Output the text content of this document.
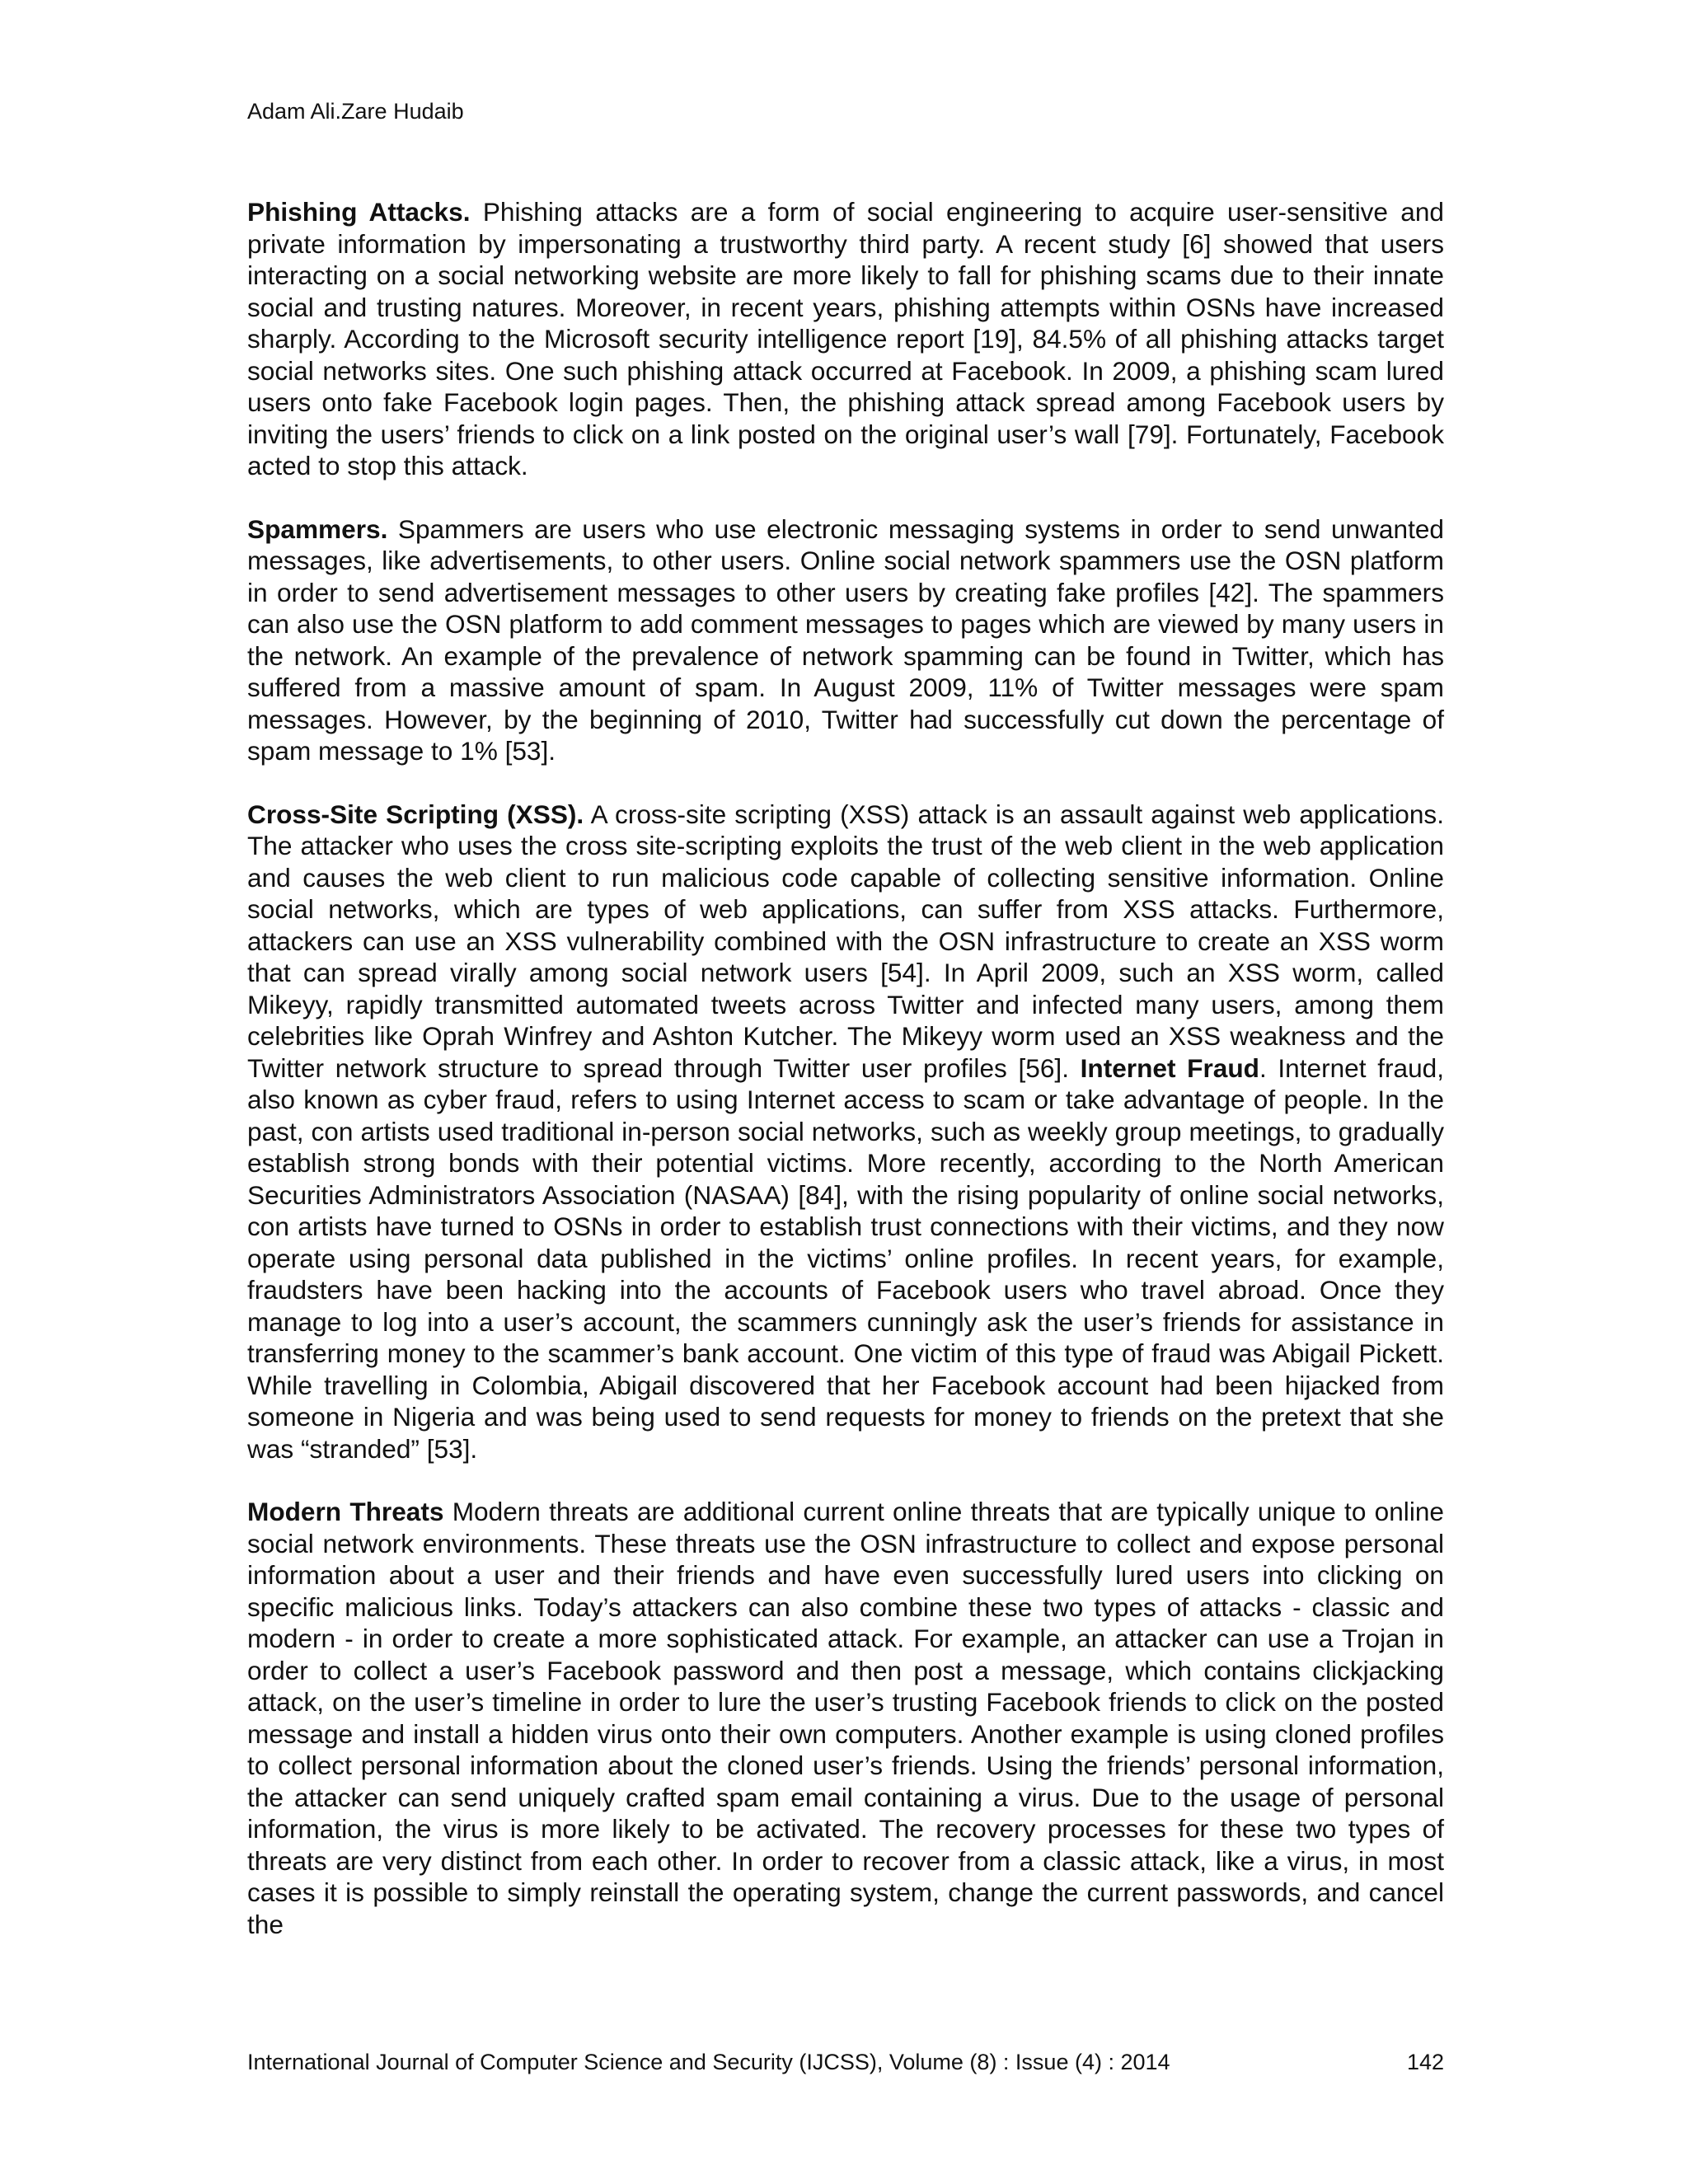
Adam Ali.Zare Hudaib

Phishing Attacks. Phishing attacks are a form of social engineering to acquire user-sensitive and private information by impersonating a trustworthy third party. A recent study [6] showed that users interacting on a social networking website are more likely to fall for phishing scams due to their innate social and trusting natures. Moreover, in recent years, phishing attempts within OSNs have increased sharply. According to the Microsoft security intelligence report [19], 84.5% of all phishing attacks target social networks sites. One such phishing attack occurred at Facebook. In 2009, a phishing scam lured users onto fake Facebook login pages. Then, the phishing attack spread among Facebook users by inviting the users’ friends to click on a link posted on the original user’s wall [79]. Fortunately, Facebook acted to stop this attack.

Spammers. Spammers are users who use electronic messaging systems in order to send unwanted messages, like advertisements, to other users. Online social network spammers use the OSN platform in order to send advertisement messages to other users by creating fake profiles [42]. The spammers can also use the OSN platform to add comment messages to pages which are viewed by many users in the network. An example of the prevalence of network spamming can be found in Twitter, which has suffered from a massive amount of spam. In August 2009, 11% of Twitter messages were spam messages. However, by the beginning of 2010, Twitter had successfully cut down the percentage of spam message to 1% [53].

Cross-Site Scripting (XSS). A cross-site scripting (XSS) attack is an assault against web applications. The attacker who uses the cross site-scripting exploits the trust of the web client in the web application and causes the web client to run malicious code capable of collecting sensitive information. Online social networks, which are types of web applications, can suffer from XSS attacks. Furthermore, attackers can use an XSS vulnerability combined with the OSN infrastructure to create an XSS worm that can spread virally among social network users [54]. In April 2009, such an XSS worm, called Mikeyy, rapidly transmitted automated tweets across Twitter and infected many users, among them celebrities like Oprah Winfrey and Ashton Kutcher. The Mikeyy worm used an XSS weakness and the Twitter network structure to spread through Twitter user profiles [56]. Internet Fraud. Internet fraud, also known as cyber fraud, refers to using Internet access to scam or take advantage of people. In the past, con artists used traditional in-person social networks, such as weekly group meetings, to gradually establish strong bonds with their potential victims. More recently, according to the North American Securities Administrators Association (NASAA) [84], with the rising popularity of online social networks, con artists have turned to OSNs in order to establish trust connections with their victims, and they now operate using personal data published in the victims’ online profiles. In recent years, for example, fraudsters have been hacking into the accounts of Facebook users who travel abroad. Once they manage to log into a user’s account, the scammers cunningly ask the user’s friends for assistance in transferring money to the scammer’s bank account. One victim of this type of fraud was Abigail Pickett. While travelling in Colombia, Abigail discovered that her Facebook account had been hijacked from someone in Nigeria and was being used to send requests for money to friends on the pretext that she was “stranded” [53].

Modern Threats Modern threats are additional current online threats that are typically unique to online social network environments. These threats use the OSN infrastructure to collect and expose personal information about a user and their friends and have even successfully lured users into clicking on specific malicious links. Today’s attackers can also combine these two types of attacks - classic and modern - in order to create a more sophisticated attack. For example, an attacker can use a Trojan in order to collect a user’s Facebook password and then post a message, which contains clickjacking attack, on the user’s timeline in order to lure the user’s trusting Facebook friends to click on the posted message and install a hidden virus onto their own computers. Another example is using cloned profiles to collect personal information about the cloned user’s friends. Using the friends’ personal information, the attacker can send uniquely crafted spam email containing a virus. Due to the usage of personal information, the virus is more likely to be activated. The recovery processes for these two types of threats are very distinct from each other. In order to recover from a classic attack, like a virus, in most cases it is possible to simply reinstall the operating system, change the current passwords, and cancel the

International Journal of Computer Science and Security (IJCSS), Volume (8) : Issue (4) : 2014	142
